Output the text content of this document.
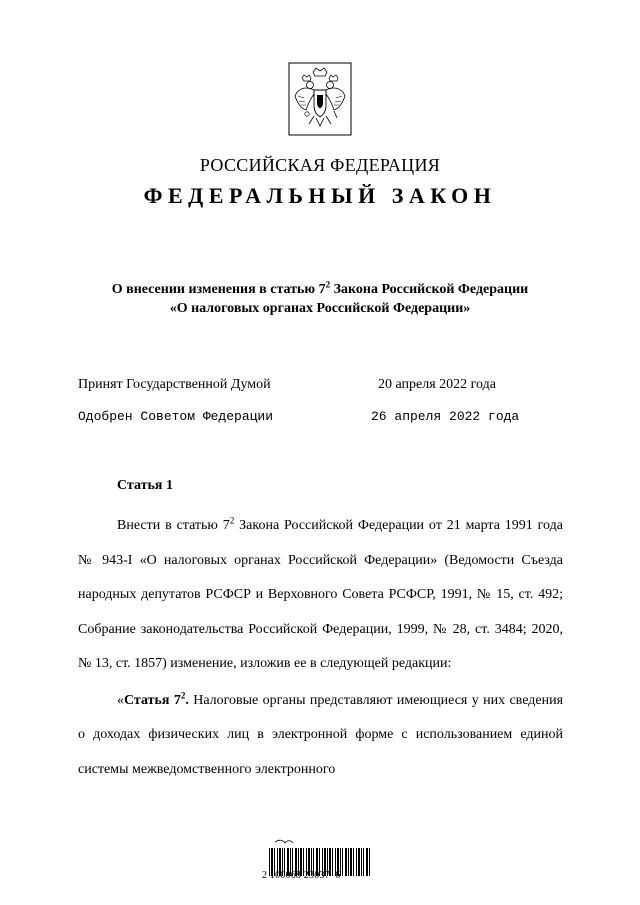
РОССИЙСКАЯ ФЕДЕРАЦИЯ
ФЕДЕРАЛЬНЫЙ ЗАКОН
О внесении изменения в статью $7^2$ Закона Российской Федерации
«О налоговых органах Российской Федерации»
Принят Государственной Думой	20 апреля 2022 года
Одобрен Советом Федерации	26 апреля 2022 года
Статья 1

Внести в статью $7^2$ Закона Российской Федерации от 21 марта 1991 года № 943-I «О налоговых органах Российской Федерации» (Ведомости Съезда народных депутатов РСФСР и Верховного Совета РСФСР, 1991, № 15, ст. 492; Собрание законодательства Российской Федерации, 1999, № 28, ст. 3484; 2020, № 13, ст. 1857) изменение, изложив ее в следующей редакции:

«Статья $7^2$. Налоговые органы представляют имеющиеся у них сведения о доходах физических лиц в электронной форме с использованием единой системы межведомственного электронного

2 100068 23037  6
